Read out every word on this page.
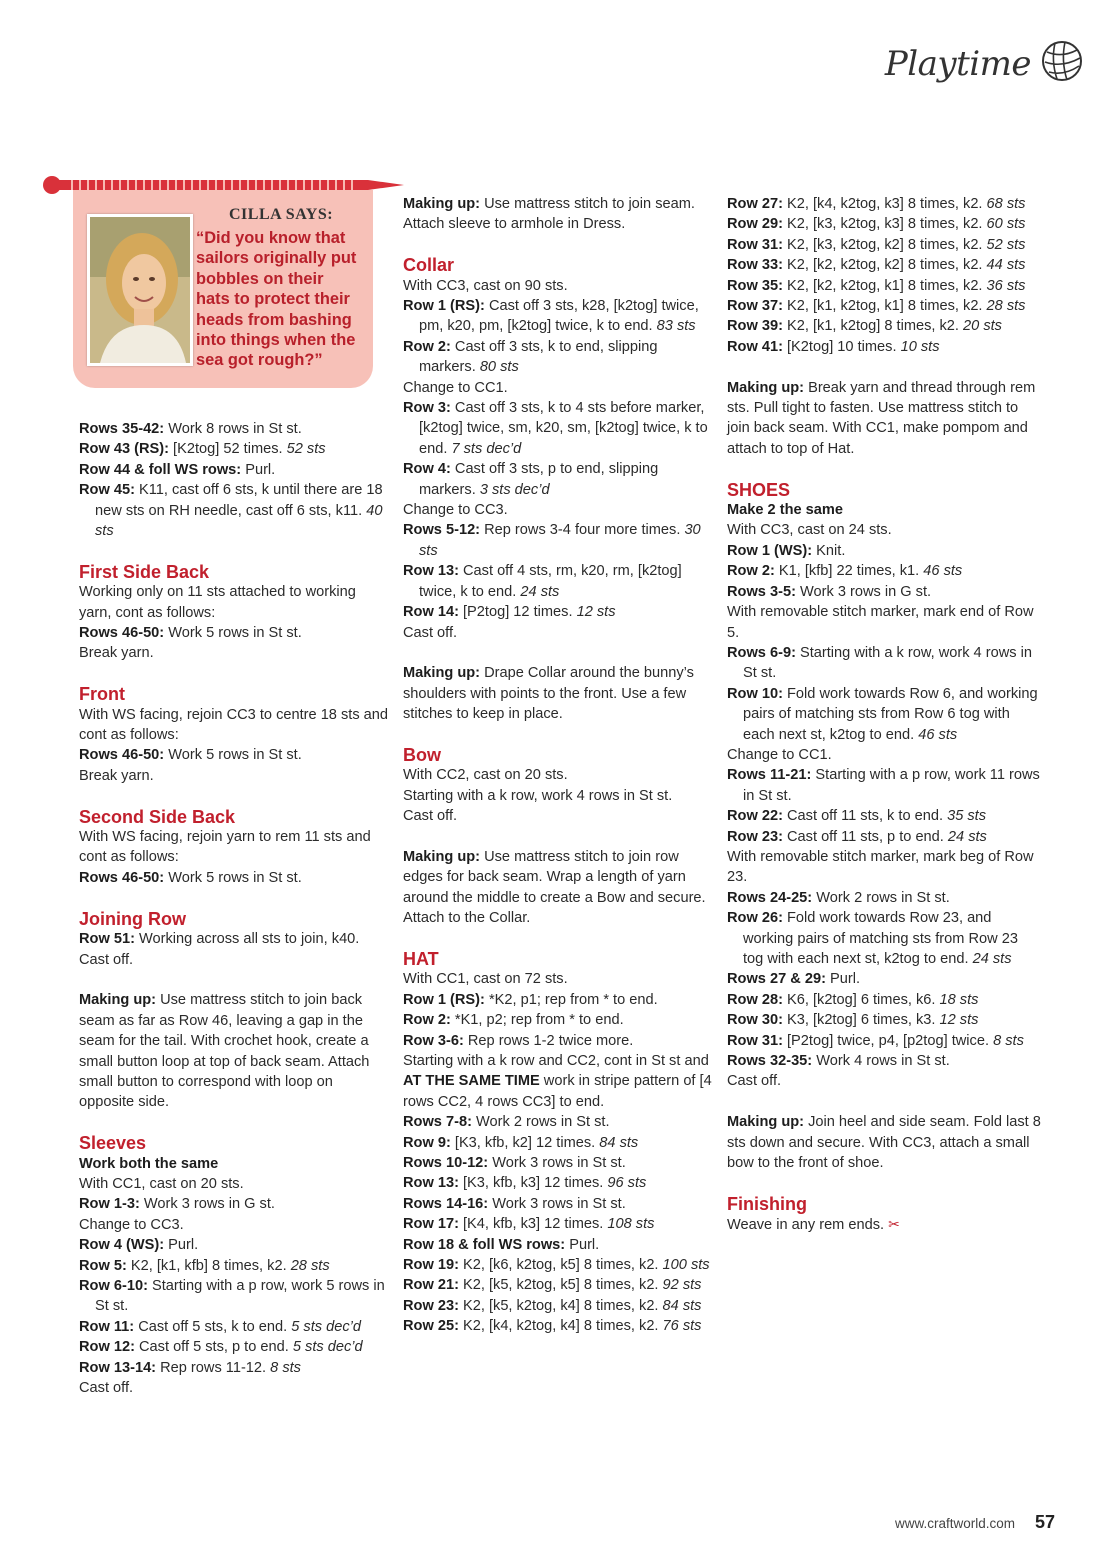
Playtime
CILLA SAYS:
“Did you know that
sailors originally put
bobbles on their
hats to protect their
heads from bashing
into things when the
sea got rough?”

Rows 35-42: Work 8 rows in St st.

Row 43 (RS): [K2tog] 52 times. 52 sts

Row 44 & foll WS rows: Purl.

Row 45: K11, cast off 6 sts, k until there are 18 new sts on RH needle, cast off 6 sts, k11. 40 sts

First Side Back

Working only on 11 sts attached to working yarn, cont as follows:

Rows 46-50: Work 5 rows in St st.

Break yarn.

Front

With WS facing, rejoin CC3 to centre 18 sts and cont as follows:

Rows 46-50: Work 5 rows in St st.

Break yarn.

Second Side Back

With WS facing, rejoin yarn to rem 11 sts and cont as follows:

Rows 46-50: Work 5 rows in St st.

Joining Row

Row 51: Working across all sts to join, k40.

Cast off.

Making up: Use mattress stitch to join back seam as far as Row 46, leaving a gap in the seam for the tail. With crochet hook, create a small button loop at top of back seam. Attach small button to correspond with loop on opposite side.

Sleeves

Work both the same

With CC1, cast on 20 sts.

Row 1-3: Work 3 rows in G st.

Change to CC3.

Row 4 (WS): Purl.

Row 5: K2, [k1, kfb] 8 times, k2. 28 sts

Row 6-10: Starting with a p row, work 5 rows in St st.

Row 11: Cast off 5 sts, k to end. 5 sts dec’d

Row 12: Cast off 5 sts, p to end. 5 sts dec’d

Row 13-14: Rep rows 11-12. 8 sts

Cast off.

Making up: Use mattress stitch to join seam. Attach sleeve to armhole in Dress.

Collar

With CC3, cast on 90 sts.

Row 1 (RS): Cast off 3 sts, k28, [k2tog] twice, pm, k20, pm, [k2tog] twice, k to end. 83 sts

Row 2: Cast off 3 sts, k to end, slipping markers. 80 sts

Change to CC1.

Row 3: Cast off 3 sts, k to 4 sts before marker, [k2tog] twice, sm, k20, sm, [k2tog] twice, k to end. 7 sts dec’d

Row 4: Cast off 3 sts, p to end, slipping markers. 3 sts dec’d

Change to CC3.

Rows 5-12: Rep rows 3-4 four more times. 30 sts

Row 13: Cast off 4 sts, rm, k20, rm, [k2tog] twice, k to end. 24 sts

Row 14: [P2tog] 12 times. 12 sts

Cast off.

Making up: Drape Collar around the bunny’s shoulders with points to the front. Use a few stitches to keep in place.

Bow

With CC2, cast on 20 sts.

Starting with a k row, work 4 rows in St st.

Cast off.

Making up: Use mattress stitch to join row edges for back seam. Wrap a length of yarn around the middle to create a Bow and secure. Attach to the Collar.

HAT

With CC1, cast on 72 sts.

Row 1 (RS): *K2, p1; rep from * to end.

Row 2: *K1, p2; rep from * to end.

Row 3-6: Rep rows 1-2 twice more.

Starting with a k row and CC2, cont in St st and AT THE SAME TIME work in stripe pattern of [4 rows CC2, 4 rows CC3] to end.

Rows 7-8: Work 2 rows in St st.

Row 9: [K3, kfb, k2] 12 times. 84 sts

Rows 10-12: Work 3 rows in St st.

Row 13: [K3, kfb, k3] 12 times. 96 sts

Rows 14-16: Work 3 rows in St st.

Row 17: [K4, kfb, k3] 12 times. 108 sts

Row 18 & foll WS rows: Purl.

Row 19: K2, [k6, k2tog, k5] 8 times, k2. 100 sts

Row 21: K2, [k5, k2tog, k5] 8 times, k2. 92 sts

Row 23: K2, [k5, k2tog, k4] 8 times, k2. 84 sts

Row 25: K2, [k4, k2tog, k4] 8 times, k2. 76 sts

Row 27: K2, [k4, k2tog, k3] 8 times, k2. 68 sts

Row 29: K2, [k3, k2tog, k3] 8 times, k2. 60 sts

Row 31: K2, [k3, k2tog, k2] 8 times, k2. 52 sts

Row 33: K2, [k2, k2tog, k2] 8 times, k2. 44 sts

Row 35: K2, [k2, k2tog, k1] 8 times, k2. 36 sts

Row 37: K2, [k1, k2tog, k1] 8 times, k2. 28 sts

Row 39: K2, [k1, k2tog] 8 times, k2. 20 sts

Row 41: [K2tog] 10 times. 10 sts

Making up: Break yarn and thread through rem sts. Pull tight to fasten. Use mattress stitch to join back seam. With CC1, make pompom and attach to top of Hat.

SHOES

Make 2 the same

With CC3, cast on 24 sts.

Row 1 (WS): Knit.

Row 2: K1, [kfb] 22 times, k1. 46 sts

Rows 3-5: Work 3 rows in G st.

With removable stitch marker, mark end of Row 5.

Rows 6-9: Starting with a k row, work 4 rows in St st.

Row 10: Fold work towards Row 6, and working pairs of matching sts from Row 6 tog with each next st, k2tog to end. 46 sts

Change to CC1.

Rows 11-21: Starting with a p row, work 11 rows in St st.

Row 22: Cast off 11 sts, k to end. 35 sts

Row 23: Cast off 11 sts, p to end. 24 sts

With removable stitch marker, mark beg of Row 23.

Rows 24-25: Work 2 rows in St st.

Row 26: Fold work towards Row 23, and working pairs of matching sts from Row 23 tog with each next st, k2tog to end. 24 sts

Rows 27 & 29: Purl.

Row 28: K6, [k2tog] 6 times, k6. 18 sts

Row 30: K3, [k2tog] 6 times, k3. 12 sts

Row 31: [P2tog] twice, p4, [p2tog] twice. 8 sts

Rows 32-35: Work 4 rows in St st.

Cast off.

Making up: Join heel and side seam. Fold last 8 sts down and secure. With CC3, attach a small bow to the front of shoe.

Finishing

Weave in any rem ends. ✂

www.craftworld.com	57
